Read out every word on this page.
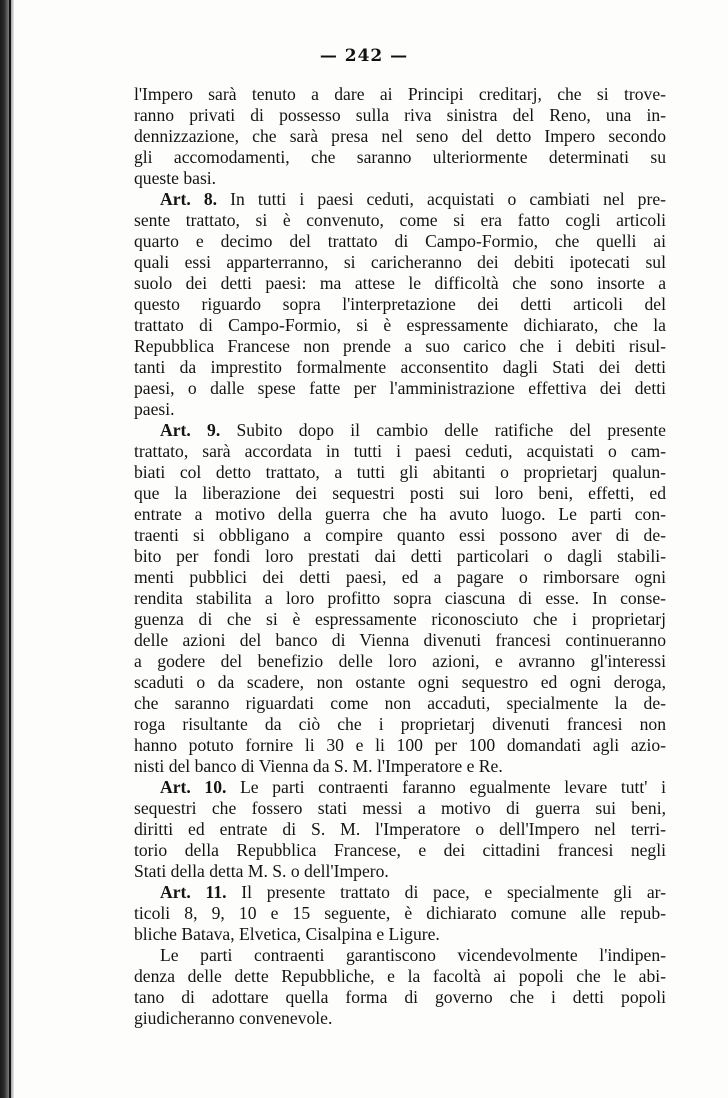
— 242 —
l'Impero sarà tenuto a dare ai Principi creditarj, che si trove-
ranno privati di possesso sulla riva sinistra del Reno, una in-
dennizzazione, che sarà presa nel seno del detto Impero secondo
gli accomodamenti, che saranno ulteriormente determinati su
queste basi.
Art. 8. In tutti i paesi ceduti, acquistati o cambiati nel pre-
sente trattato, si è convenuto, come si era fatto cogli articoli
quarto e decimo del trattato di Campo-Formio, che quelli ai
quali essi apparterranno, si caricheranno dei debiti ipotecati sul
suolo dei detti paesi: ma attese le difficoltà che sono insorte a
questo riguardo sopra l'interpretazione dei detti articoli del
trattato di Campo-Formio, si è espressamente dichiarato, che la
Repubblica Francese non prende a suo carico che i debiti risul-
tanti da imprestito formalmente acconsentito dagli Stati dei detti
paesi, o dalle spese fatte per l'amministrazione effettiva dei detti
paesi.
Art. 9. Subito dopo il cambio delle ratifiche del presente
trattato, sarà accordata in tutti i paesi ceduti, acquistati o cam-
biati col detto trattato, a tutti gli abitanti o proprietarj qualun-
que la liberazione dei sequestri posti sui loro beni, effetti, ed
entrate a motivo della guerra che ha avuto luogo. Le parti con-
traenti si obbligano a compire quanto essi possono aver di de-
bito per fondi loro prestati dai detti particolari o dagli stabili-
menti pubblici dei detti paesi, ed a pagare o rimborsare ogni
rendita stabilita a loro profitto sopra ciascuna di esse. In conse-
guenza di che si è espressamente riconosciuto che i proprietarj
delle azioni del banco di Vienna divenuti francesi continueranno
a godere del benefizio delle loro azioni, e avranno gl'interessi
scaduti o da scadere, non ostante ogni sequestro ed ogni deroga,
che saranno riguardati come non accaduti, specialmente la de-
roga risultante da ciò che i proprietarj divenuti francesi non
hanno potuto fornire li 30 e li 100 per 100 domandati agli azio-
nisti del banco di Vienna da S. M. l'Imperatore e Re.
Art. 10. Le parti contraenti faranno egualmente levare tutt' i
sequestri che fossero stati messi a motivo di guerra sui beni,
diritti ed entrate di S. M. l'Imperatore o dell'Impero nel terri-
torio della Repubblica Francese, e dei cittadini francesi negli
Stati della detta M. S. o dell'Impero.
Art. 11. Il presente trattato di pace, e specialmente gli ar-
ticoli 8, 9, 10 e 15 seguente, è dichiarato comune alle repub-
bliche Batava, Elvetica, Cisalpina e Ligure.
Le parti contraenti garantiscono vicendevolmente l'indipen-
denza delle dette Repubbliche, e la facoltà ai popoli che le abi-
tano di adottare quella forma di governo che i detti popoli
giudicheranno convenevole.
